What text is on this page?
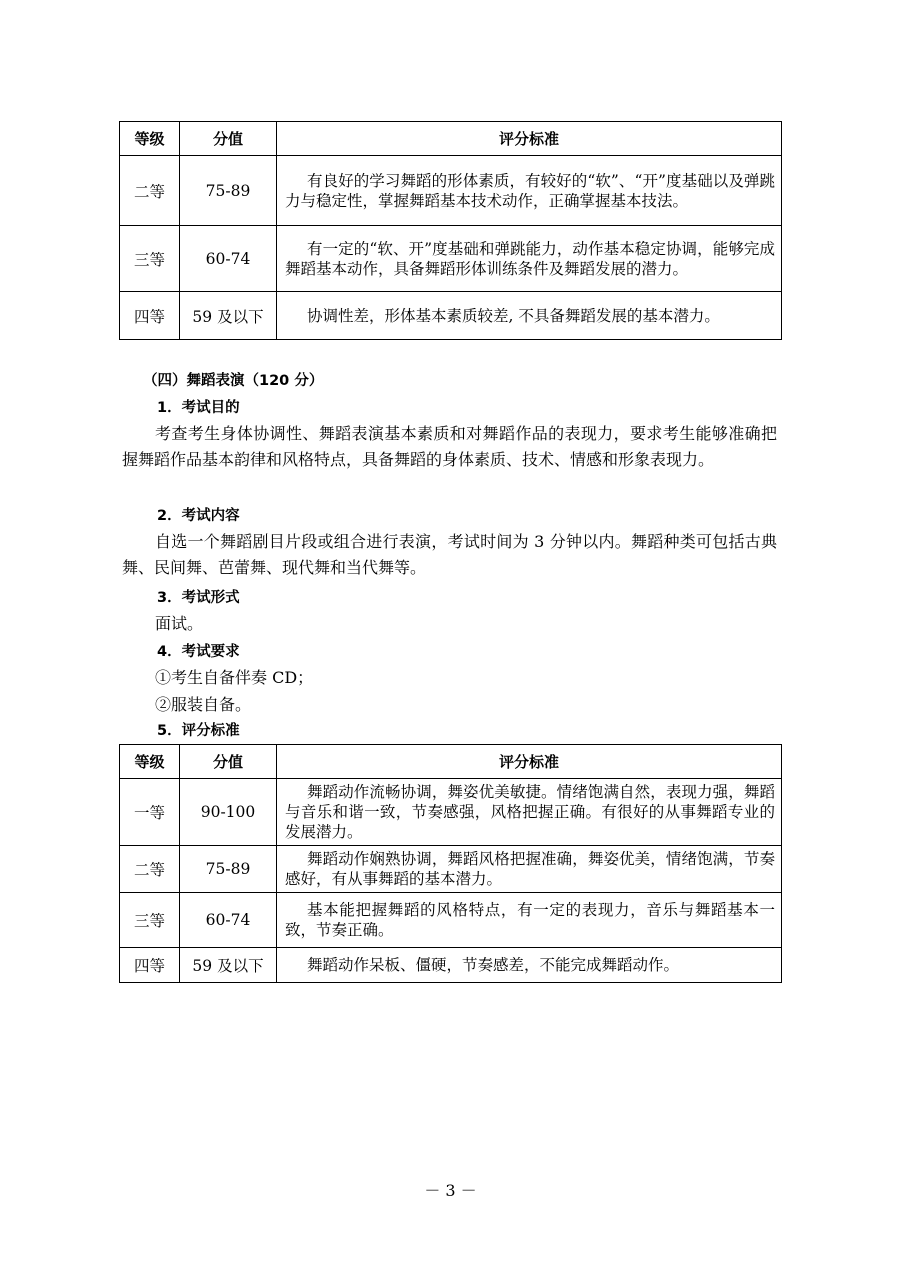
等级	分值	评分标准
二等	75-89	有良好的学习舞蹈的形体素质，有较好的“软”、“开”度基础以及弹跳力与稳定性，掌握舞蹈基本技术动作，正确掌握基本技法。
三等	60-74	有一定的“软、开”度基础和弹跳能力，动作基本稳定协调，能够完成舞蹈基本动作，具备舞蹈形体训练条件及舞蹈发展的潜力。
四等	59 及以下	协调性差，形体基本素质较差, 不具备舞蹈发展的基本潜力。

（四）舞蹈表演（120 分）

1．考试目的

考查考生身体协调性、舞蹈表演基本素质和对舞蹈作品的表现力，要求考生能够准确把握舞蹈作品基本韵律和风格特点，具备舞蹈的身体素质、技术、情感和形象表现力。

2．考试内容

自选一个舞蹈剧目片段或组合进行表演，考试时间为 3 分钟以内。舞蹈种类可包括古典舞、民间舞、芭蕾舞、现代舞和当代舞等。

3．考试形式

面试。

4．考试要求

①考生自备伴奏 CD；

②服装自备。

5．评分标准

等级	分值	评分标准
一等	90-100	舞蹈动作流畅协调，舞姿优美敏捷。情绪饱满自然，表现力强，舞蹈与音乐和谐一致，节奏感强，风格把握正确。有很好的从事舞蹈专业的发展潜力。
二等	75-89	舞蹈动作娴熟协调，舞蹈风格把握准确，舞姿优美，情绪饱满，节奏感好，有从事舞蹈的基本潜力。
三等	60-74	基本能把握舞蹈的风格特点，有一定的表现力，音乐与舞蹈基本一致，节奏正确。
四等	59 及以下	舞蹈动作呆板、僵硬，节奏感差，不能完成舞蹈动作。
－ 3 －
